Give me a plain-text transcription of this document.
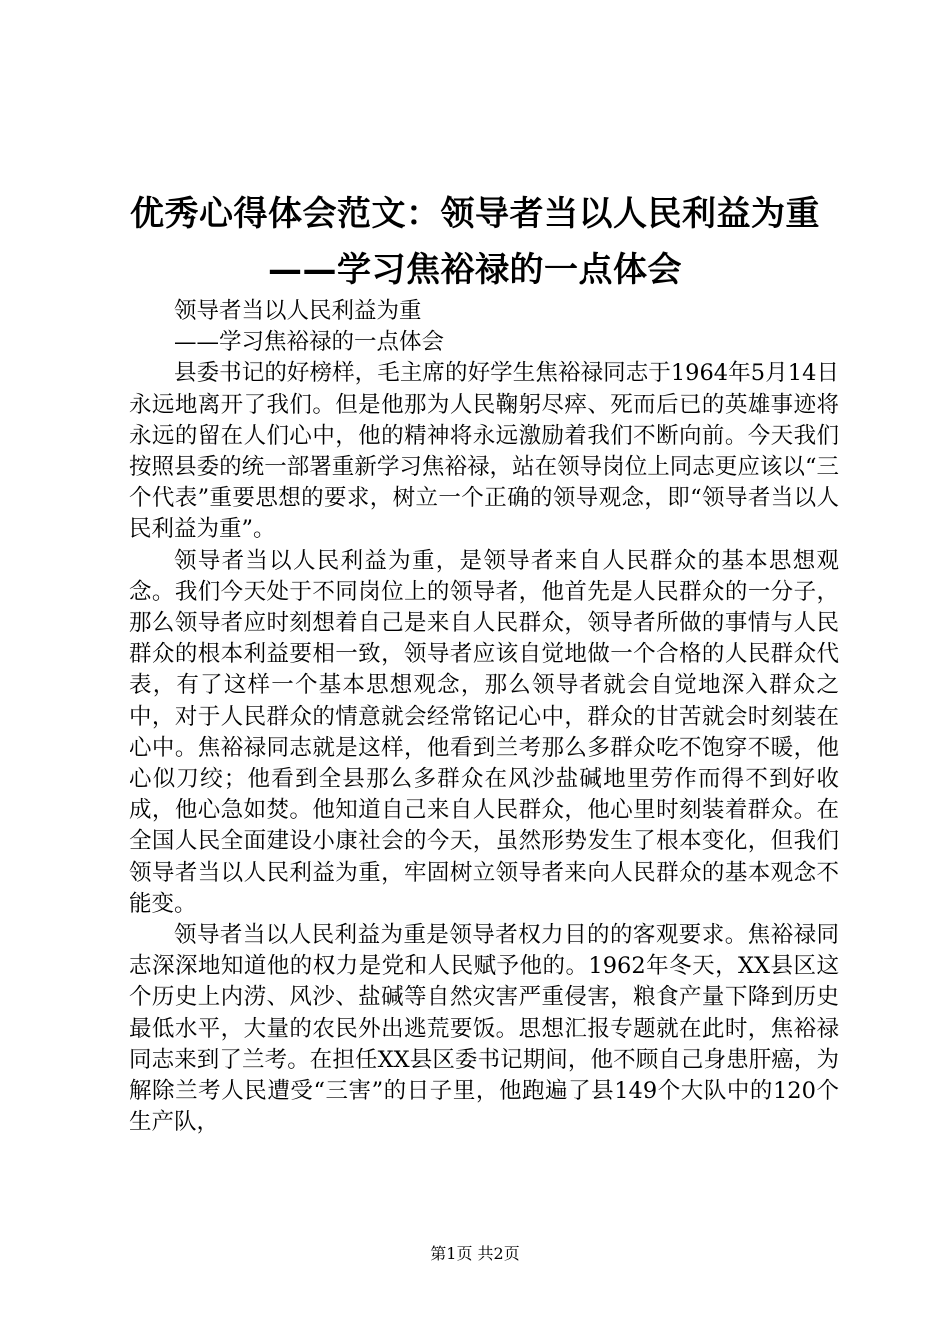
优秀心得体会范文：领导者当以人民利益为重
——学习焦裕禄的一点体会

领导者当以人民利益为重

——学习焦裕禄的一点体会

县委书记的好榜样，毛主席的好学生焦裕禄同志于1964年5月14日永远地离开了我们。但是他那为人民鞠躬尽瘁、死而后已的英雄事迹将永远的留在人们心中，他的精神将永远激励着我们不断向前。今天我们按照县委的统一部署重新学习焦裕禄，站在领导岗位上同志更应该以“三个代表”重要思想的要求，树立一个正确的领导观念，即“领导者当以人民利益为重”。

领导者当以人民利益为重，是领导者来自人民群众的基本思想观念。我们今天处于不同岗位上的领导者，他首先是人民群众的一分子，那么领导者应时刻想着自己是来自人民群众，领导者所做的事情与人民群众的根本利益要相一致，领导者应该自觉地做一个合格的人民群众代表，有了这样一个基本思想观念，那么领导者就会自觉地深入群众之中，对于人民群众的情意就会经常铭记心中，群众的甘苦就会时刻装在心中。焦裕禄同志就是这样，他看到兰考那么多群众吃不饱穿不暖，他心似刀绞；他看到全县那么多群众在风沙盐碱地里劳作而得不到好收成，他心急如焚。他知道自己来自人民群众，他心里时刻装着群众。在全国人民全面建设小康社会的今天，虽然形势发生了根本变化，但我们领导者当以人民利益为重，牢固树立领导者来向人民群众的基本观念不能变。

领导者当以人民利益为重是领导者权力目的的客观要求。焦裕禄同志深深地知道他的权力是党和人民赋予他的。1962年冬天，XX县区这个历史上内涝、风沙、盐碱等自然灾害严重侵害，粮食产量下降到历史最低水平，大量的农民外出逃荒要饭。思想汇报专题就在此时，焦裕禄同志来到了兰考。在担任XX县区委书记期间，他不顾自己身患肝癌，为解除兰考人民遭受“三害”的日子里，他跑遍了县149个大队中的120个生产队，

第1页 共2页
